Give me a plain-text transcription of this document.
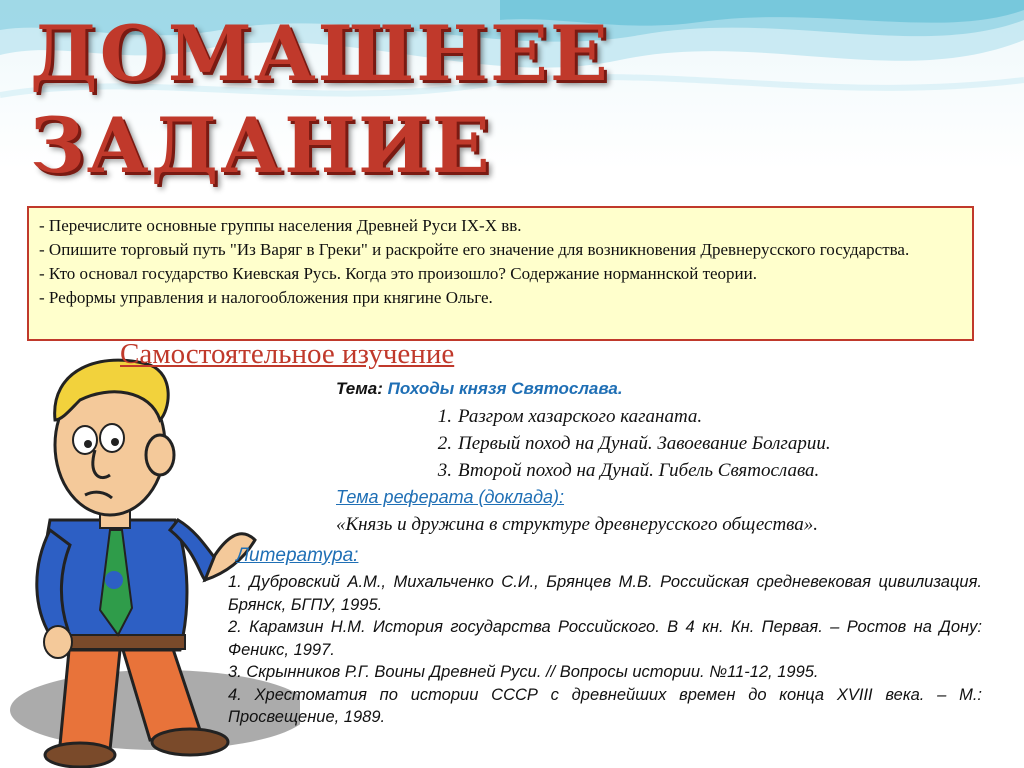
ДОМАШНЕЕ
ЗАДАНИЕ
- Перечислите основные группы населения Древней Руси IX-X вв.
- Опишите торговый путь "Из Варяг в Греки" и раскройте его значение для возникновения Древнерусского государства.
- Кто основал государство Киевская Русь. Когда это произошло? Содержание норманнской теории.
- Реформы управления и налогообложения при княгине Ольге.
Самостоятельное изучение
Тема: Походы князя Святослава.
1. Разгром хазарского каганата.
2. Первый поход на Дунай. Завоевание Болгарии.
3. Второй поход на Дунай. Гибель Святослава.
Тема реферата (доклада):
«Князь и дружина в структуре древнерусского общества».
Литература:
1. Дубровский А.М., Михальченко С.И., Брянцев М.В. Российская средневековая цивилизация. Брянск, БГПУ, 1995.
2. Карамзин Н.М. История государства Российского. В 4 кн. Кн. Первая. – Ростов на Дону: Феникс, 1997.
3. Скрынников Р.Г. Воины Древней Руси. // Вопросы истории. №11-12, 1995.
4. Хрестоматия по истории СССР с древнейших времен до конца XVIII века. – М.: Просвещение, 1989.
